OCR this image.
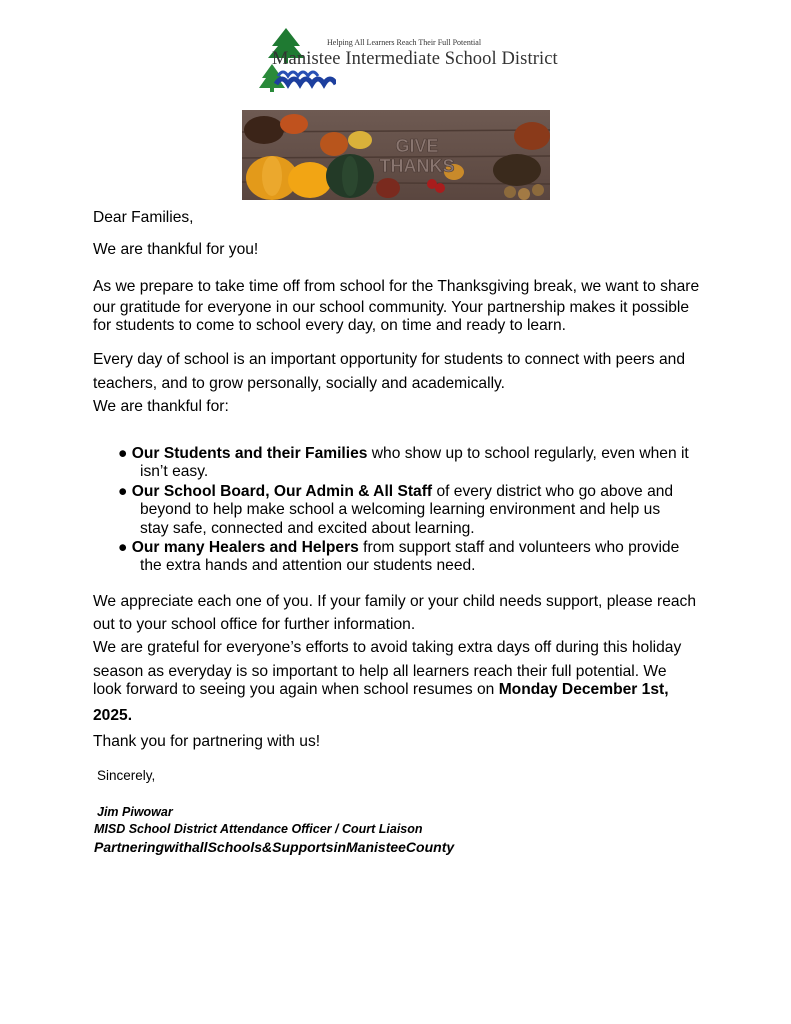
Helping All Learners Reach Their Full Potential
Manistee Intermediate School District
GIVE THANKS
Dear Families,
We are thankful for you!
As we prepare to take time off from school for the Thanksgiving break, we want to share
our gratitude for everyone in our school community. Your partnership makes it possible
for students to come to school every day, on time and ready to learn.
Every day of school is an important opportunity for students to connect with peers and
teachers, and to grow personally, socially and academically.
We are thankful for:
● Our Students and their Families who show up to school regularly, even when it
isn’t easy.
● Our School Board, Our Admin & All Staff of every district who go above and
beyond to help make school a welcoming learning environment and help us
stay safe, connected and excited about learning.
● Our many Healers and Helpers from support staff and volunteers who provide
the extra hands and attention our students need.
We appreciate each one of you. If your family or your child needs support, please reach
out to your school office for further information.
We are grateful for everyone’s efforts to avoid taking extra days off during this holiday
season as everyday is so important to help all learners reach their full potential. We
look forward to seeing you again when school resumes on Monday December 1st,
2025.
Thank you for partnering with us!
Sincerely,
Jim Piwowar
MISD School District Attendance Officer / Court Liaison
PartneringwithallSchools&SupportsinManisteeCounty
